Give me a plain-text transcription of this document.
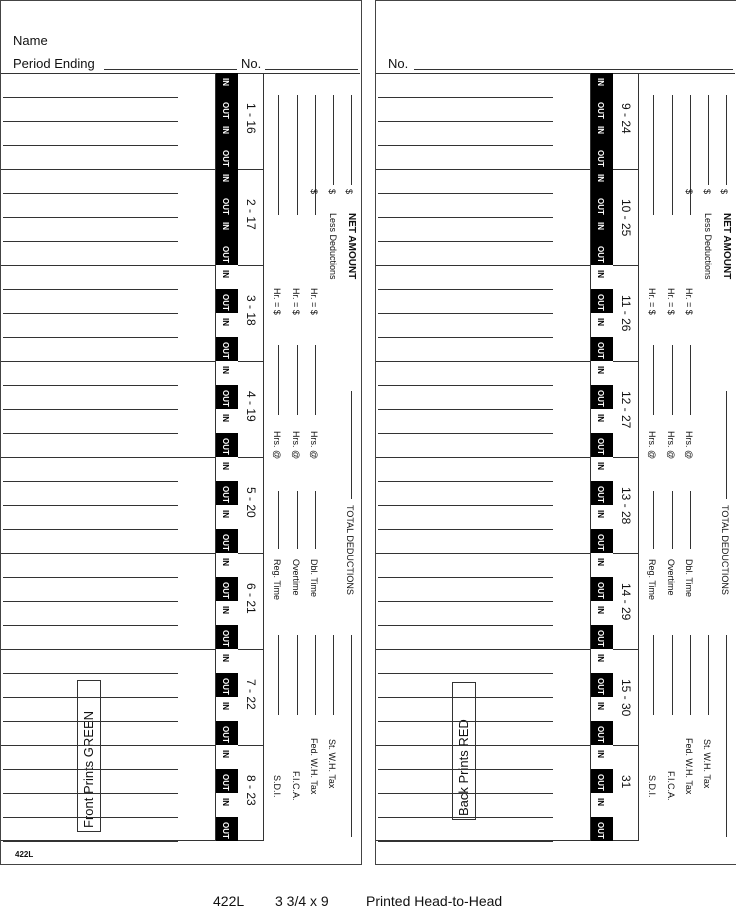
Name
Period Ending	No.
422L
Front Prints GREEN
IN
OUT
IN
OUT
1 - 16
IN
OUT
IN
OUT
2 - 17
IN
OUT
IN
OUT
3 - 18
IN
OUT
IN
OUT
4 - 19
IN
OUT
IN
OUT
5 - 20
IN
OUT
IN
OUT
6 - 21
IN
OUT
IN
OUT
7 - 22
IN
OUT
IN
OUT
8 - 23
$ $ $
Less Deductions NET AMOUNT
Hr. = $ Hr. = $ Hr. = $
Hrs. @ Hrs. @ Hrs. @
Reg. Time Overtime Dbl. Time
S.D.I. F.I.C.A. Fed. W.H. Tax St. W.H. Tax
TOTAL DEDUCTIONS
No.
Back Prints RED
IN
OUT
IN
OUT
9 - 24
IN
OUT
IN
OUT
10 - 25
IN
OUT
IN
OUT
11 - 26
IN
OUT
IN
OUT
12 - 27
IN
OUT
IN
OUT
13 - 28
IN
OUT
IN
OUT
14 - 29
IN
OUT
IN
OUT
15 - 30
IN
OUT
IN
OUT
31
$ $ $
Less Deductions NET AMOUNT
Hr. = $ Hr. = $ Hr. = $
Hrs. @ Hrs. @ Hrs. @
Reg. Time Overtime Dbl. Time
S.D.I. F.I.C.A. Fed. W.H. Tax St. W.H. Tax
TOTAL DEDUCTIONS
422L 3 3/4 x 9	Printed Head-to-Head
